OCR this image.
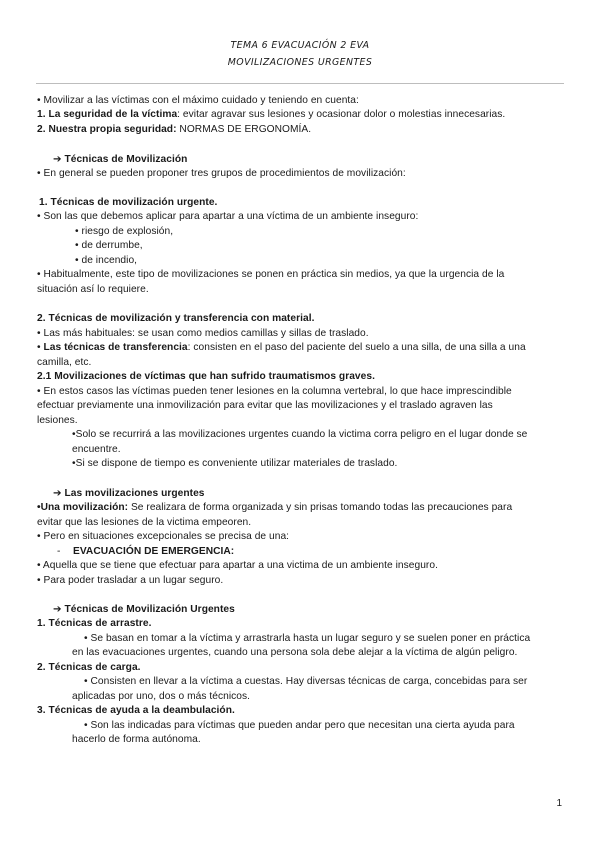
TEMA 6 EVACUACIÓN 2 EVA
MOVILIZACIONES URGENTES
• Movilizar a las víctimas con el máximo cuidado y teniendo en cuenta:
1. La seguridad de la víctima: evitar agravar sus lesiones y ocasionar dolor o molestias innecesarias.
2. Nuestra propia seguridad: NORMAS DE ERGONOMÍA.
➔ Técnicas de Movilización
• En general se pueden proponer tres grupos de procedimientos de movilización:
1. Técnicas de movilización urgente.
• Son las que debemos aplicar para apartar a una víctima de un ambiente inseguro:
• riesgo de explosión,
• de derrumbe,
• de incendio,
• Habitualmente, este tipo de movilizaciones se ponen en práctica sin medios, ya que la urgencia de la
situación así lo requiere.
2. Técnicas de movilización y transferencia con material.
• Las más habituales: se usan como medios camillas y sillas de traslado.
• Las técnicas de transferencia: consisten en el paso del paciente del suelo a una silla, de una silla a una
camilla, etc.
2.1 Movilizaciones de víctimas que han sufrido traumatismos graves.
• En estos casos las víctimas pueden tener lesiones en la columna vertebral, lo que hace imprescindible
efectuar previamente una inmovilización para evitar que las movilizaciones y el traslado agraven las
lesiones.
•Solo se recurrirá a las movilizaciones urgentes cuando la victima corra peligro en el lugar donde se
encuentre.
•Si se dispone de tiempo es conveniente utilizar materiales de traslado.
➔ Las movilizaciones urgentes
•Una movilización: Se realizara de forma organizada y sin prisas tomando todas las precauciones para
evitar que las lesiones de la victima empeoren.
• Pero en situaciones excepcionales se precisa de una:
- EVACUACIÓN DE EMERGENCIA:
• Aquella que se tiene que efectuar para apartar a una victima de un ambiente inseguro.
• Para poder trasladar a un lugar seguro.
➔ Técnicas de Movilización Urgentes
1. Técnicas de arrastre.
• Se basan en tomar a la víctima y arrastrarla hasta un lugar seguro y se suelen poner en práctica
en las evacuaciones urgentes, cuando una persona sola debe alejar a la víctima de algún peligro.
2. Técnicas de carga.
• Consisten en llevar a la víctima a cuestas. Hay diversas técnicas de carga, concebidas para ser
aplicadas por uno, dos o más técnicos.
3. Técnicas de ayuda a la deambulación.
• Son las indicadas para víctimas que pueden andar pero que necesitan una cierta ayuda para
hacerlo de forma autónoma.
1
